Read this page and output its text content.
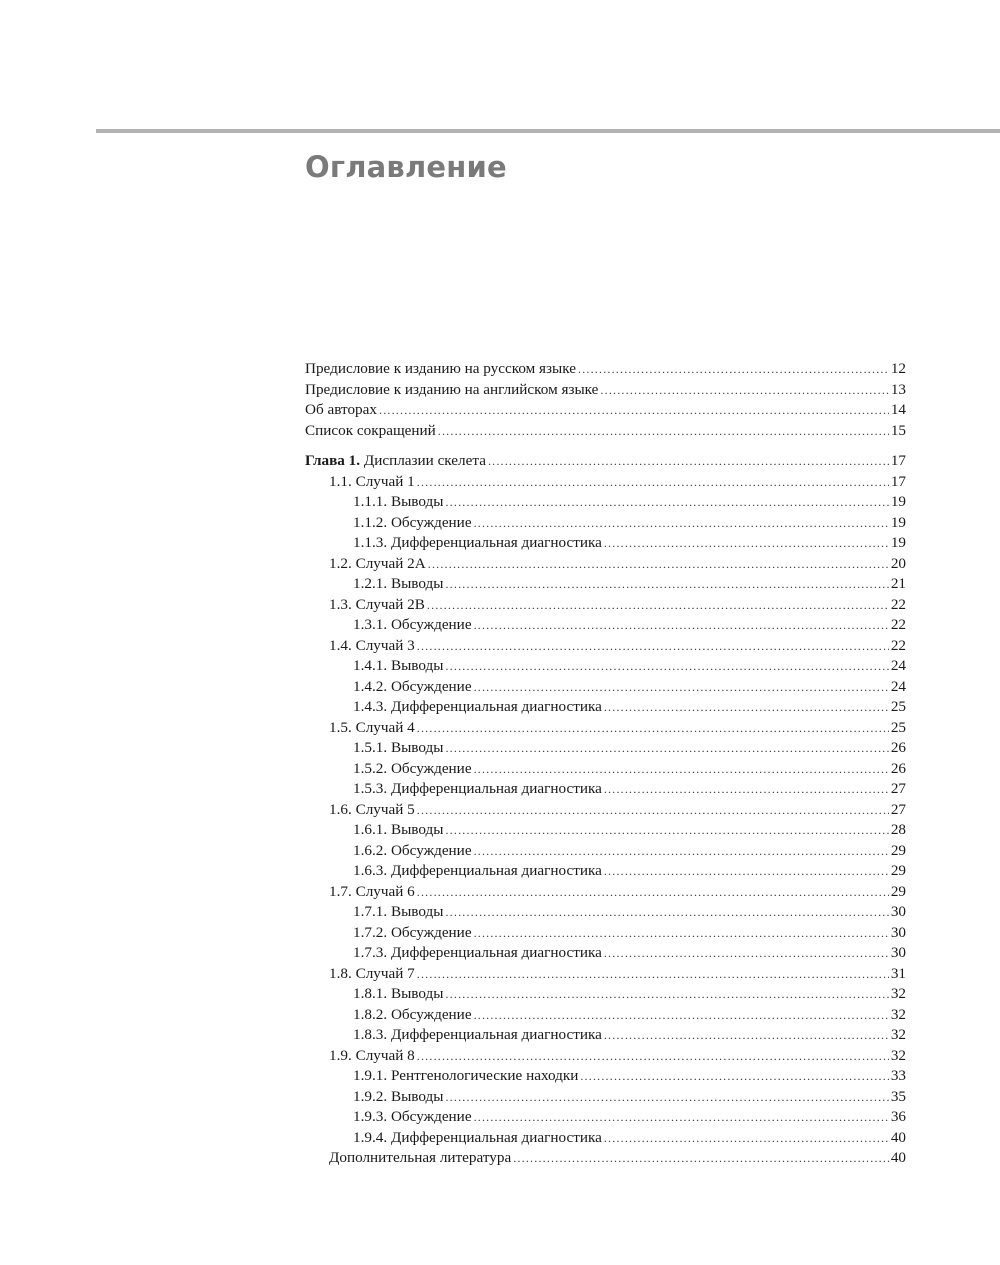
Оглавление
Предисловие к изданию на русском языке .....	12
Предисловие к изданию на английском языке .....	13
Об авторах .....	14
Список сокращений .....	15
Глава 1. Дисплазии скелета .....	17
1.1. Случай 1 .....	17
1.1.1. Выводы .....	19
1.1.2. Обсуждение .....	19
1.1.3. Дифференциальная диагностика .....	19
1.2. Случай 2A .....	20
1.2.1. Выводы .....	21
1.3. Случай 2B .....	22
1.3.1. Обсуждение .....	22
1.4. Случай 3 .....	22
1.4.1. Выводы .....	24
1.4.2. Обсуждение .....	24
1.4.3. Дифференциальная диагностика .....	25
1.5. Случай 4 .....	25
1.5.1. Выводы .....	26
1.5.2. Обсуждение .....	26
1.5.3. Дифференциальная диагностика .....	27
1.6. Случай 5 .....	27
1.6.1. Выводы .....	28
1.6.2. Обсуждение .....	29
1.6.3. Дифференциальная диагностика .....	29
1.7. Случай 6 .....	29
1.7.1. Выводы .....	30
1.7.2. Обсуждение .....	30
1.7.3. Дифференциальная диагностика .....	30
1.8. Случай 7 .....	31
1.8.1. Выводы .....	32
1.8.2. Обсуждение .....	32
1.8.3. Дифференциальная диагностика .....	32
1.9. Случай 8 .....	32
1.9.1. Рентгенологические находки .....	33
1.9.2. Выводы .....	35
1.9.3. Обсуждение .....	36
1.9.4. Дифференциальная диагностика .....	40
Дополнительная литература .....	40
